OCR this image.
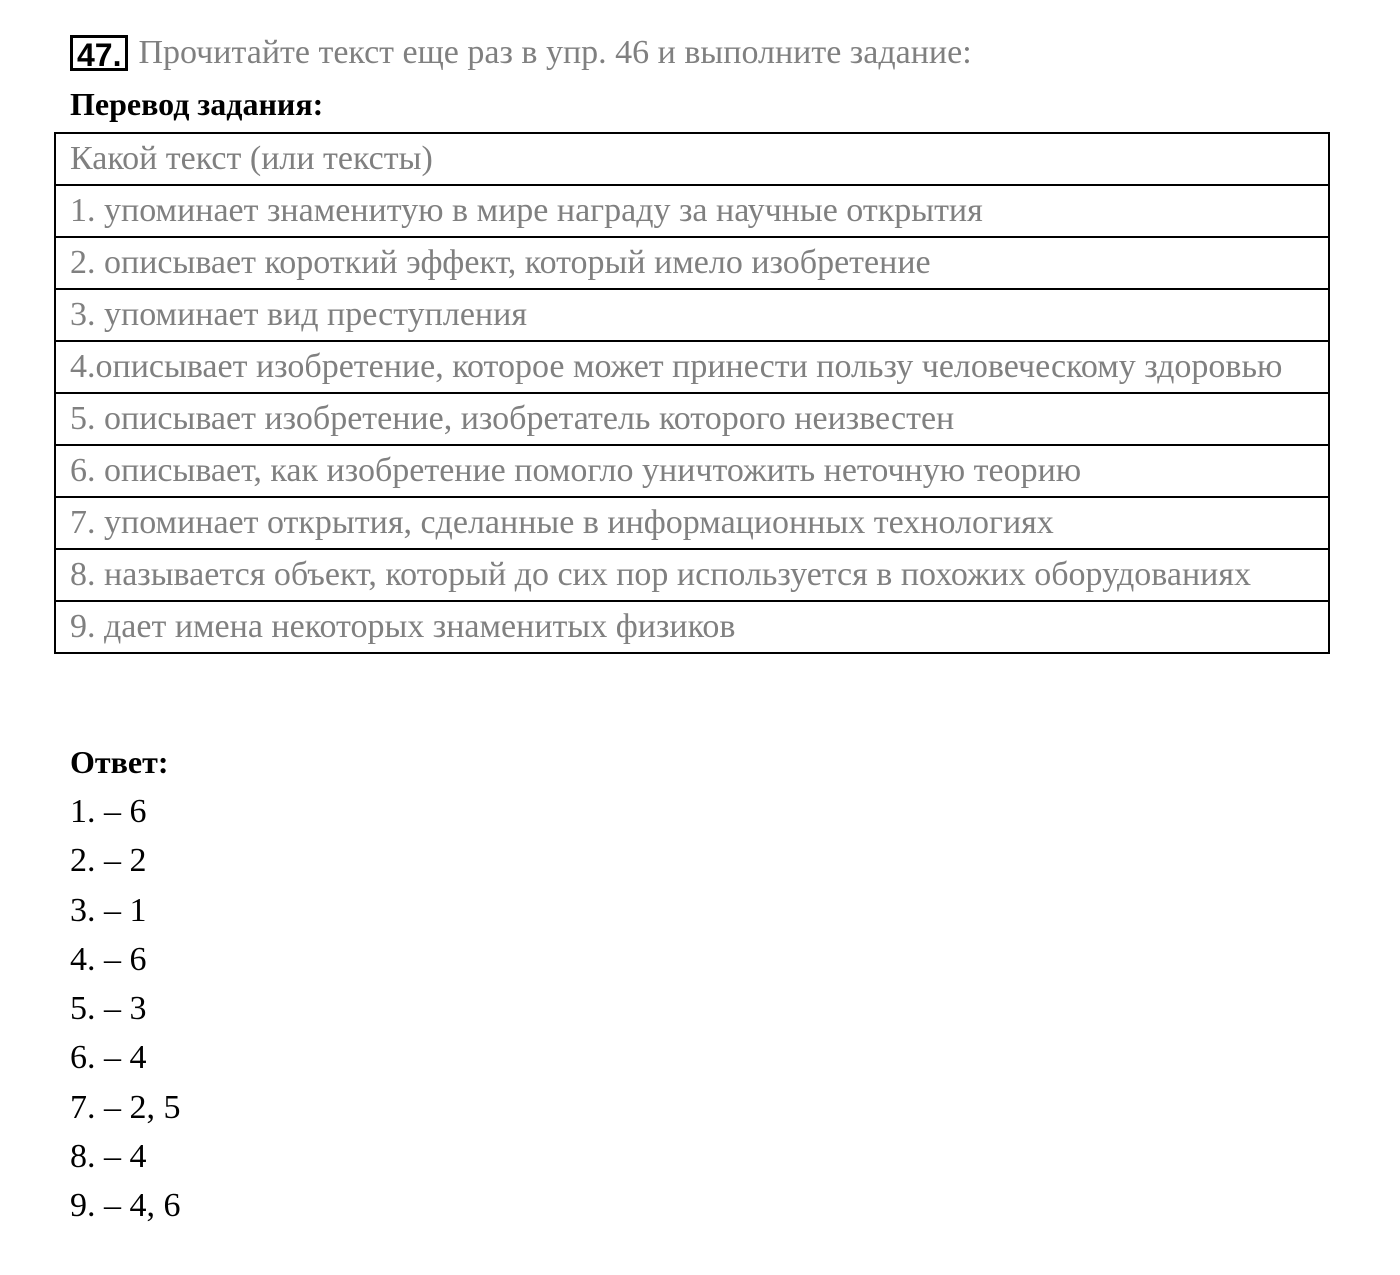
47. Прочитайте текст еще раз в упр. 46 и выполните задание:
Перевод задания:
Какой текст (или тексты)
1. упоминает знаменитую в мире награду за научные открытия
2. описывает короткий эффект, который имело изобретение
3. упоминает вид преступления
4.описывает изобретение, которое может принести пользу человеческому здоровью
5. описывает изобретение, изобретатель которого неизвестен
6. описывает, как изобретение помогло уничтожить неточную теорию
7. упоминает открытия, сделанные в информационных технологиях
8. называется объект, который до сих пор используется в похожих оборудованиях
9. дает имена некоторых знаменитых физиков
Ответ:
1. – 6
2. – 2
3. – 1
4. – 6
5. – 3
6. – 4
7. – 2, 5
8. – 4
9. – 4, 6
